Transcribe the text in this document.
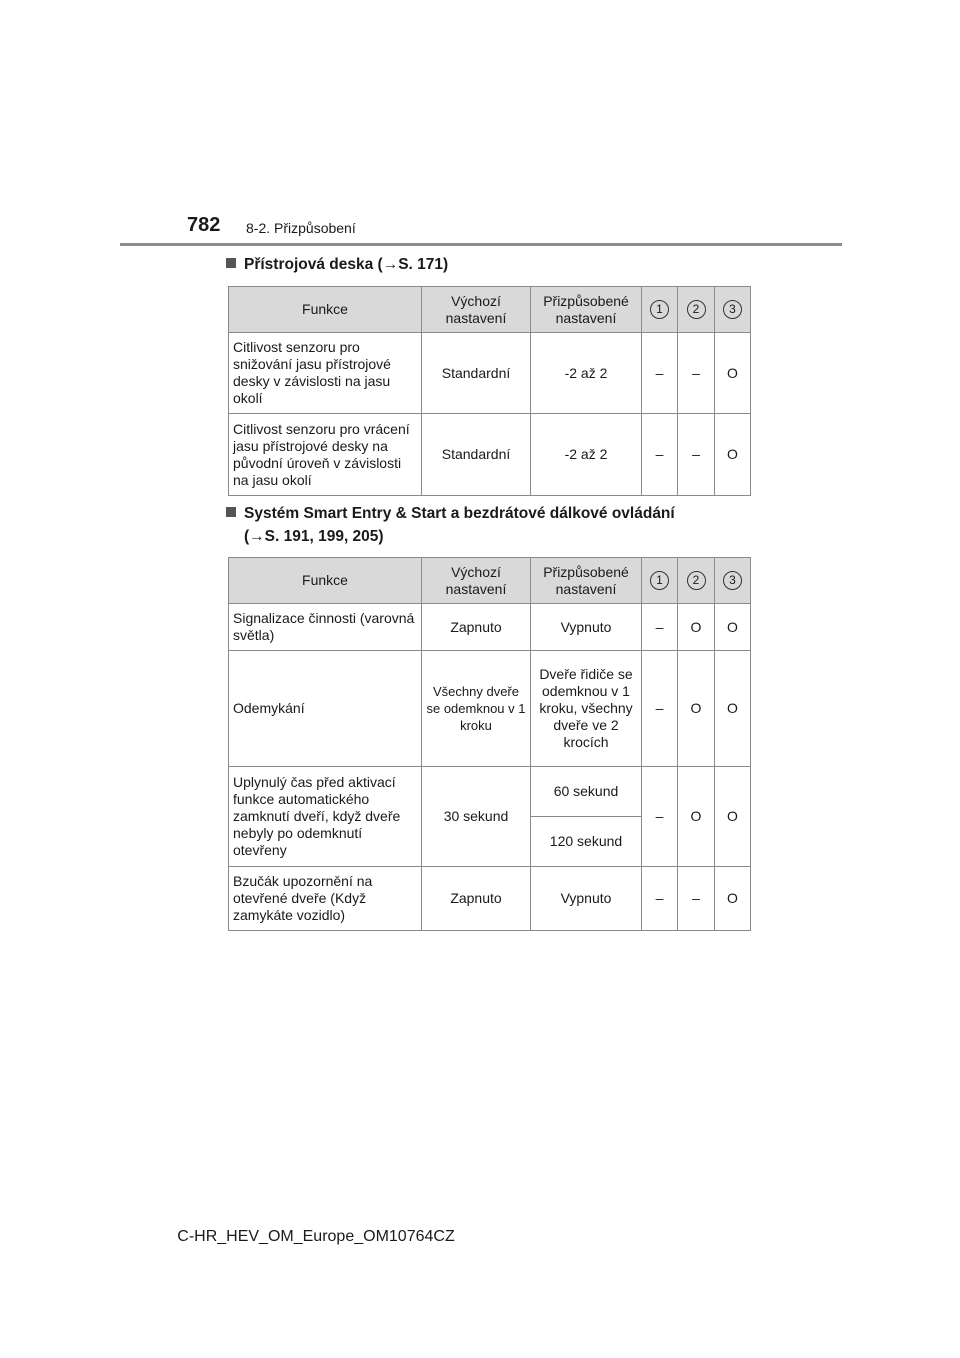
782 8-2. Přizpůsobení
Přístrojová deska (→S. 171)
Funkce	Výchozí nastavení	Přizpůsobené nastavení	1	2	3
Citlivost senzoru pro snižování jasu přístrojové desky v závislosti na jasu okolí	Standardní	-2 až 2	–	–	O
Citlivost senzoru pro vrácení jasu přístrojové desky na původní úroveň v závislosti na jasu okolí	Standardní	-2 až 2	–	–	O
Systém Smart Entry & Start a bezdrátové dálkové ovládání
(→S. 191, 199, 205)
Funkce	Výchozí nastavení	Přizpůsobené nastavení	1	2	3
Signalizace činnosti (varovná světla)	Zapnuto	Vypnuto	–	O	O
Odemykání	Všechny dveře se odemknou v 1 kroku	Dveře řidiče se odemknou v 1 kroku, všechny dveře ve 2 krocích	–	O	O
Uplynulý čas před aktivací funkce automatického zamknutí dveří, když dveře nebyly po odemknutí otevřeny	30 sekund	60 sekund	–	O	O
		120 sekund			
Bzučák upozornění na otevřené dveře (Když zamykáte vozidlo)	Zapnuto	Vypnuto	–	–	O
C-HR_HEV_OM_Europe_OM10764CZ
